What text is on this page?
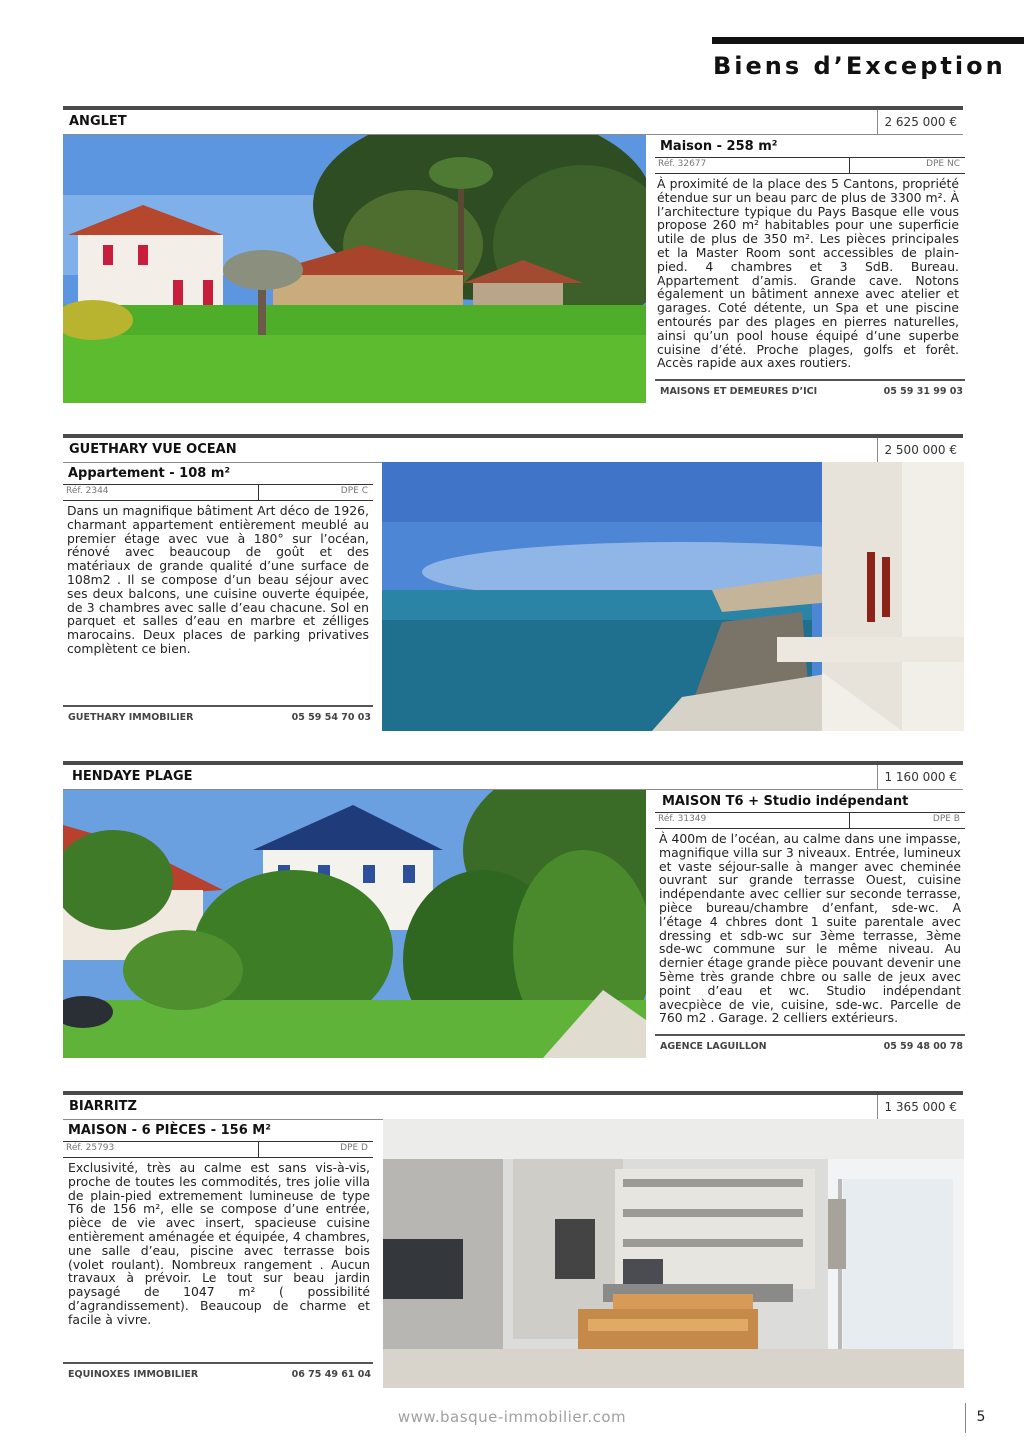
Biens d’Exception
ANGLET	2 625 000 €
Maison - 258 m²
Réf. 32677	DPE NC
À proximité de la place des 5 Cantons, propriété étendue sur un beau parc de plus de 3300 m². À l’architecture typique du Pays Basque elle vous propose 260 m² habitables pour une superficie utile de plus de 350 m². Les pièces principales et la Master Room sont accessibles de plain-pied. 4 chambres et 3 SdB. Bureau. Appartement d’amis. Grande cave. Notons également un bâtiment annexe avec atelier et garages. Coté détente, un Spa et une piscine entourés par des plages en pierres naturelles, ainsi qu’un pool house équipé d’une superbe cuisine d’été. Proche plages, golfs et forêt. Accès rapide aux axes routiers.
MAISONS ET DEMEURES D’ICI	05 59 31 99 03
GUETHARY VUE OCEAN	2 500 000 €
Appartement - 108 m²
Réf. 2344	DPE C
Dans un magnifique bâtiment Art déco de 1926, charmant appartement entièrement meublé au premier étage avec vue à 180° sur l’océan, rénové avec beaucoup de goût et des matériaux de grande qualité d’une surface de 108m2 . Il se compose d’un beau séjour avec ses deux balcons, une cuisine ouverte équipée, de 3 chambres avec salle d’eau chacune. Sol en parquet et salles d’eau en marbre et zélliges marocains. Deux places de parking privatives complètent ce bien.
GUETHARY IMMOBILIER	05 59 54 70 03
HENDAYE PLAGE	1 160 000 €
MAISON T6 + Studio indépendant
Réf. 31349	DPE B
À 400m de l’océan, au calme dans une impasse, magnifique villa sur 3 niveaux. Entrée, lumineux et vaste séjour-salle à manger avec cheminée ouvrant sur grande terrasse Ouest, cuisine indépendante avec cellier sur seconde terrasse, pièce bureau/chambre d’enfant, sde-wc. A l’étage 4 chbres dont 1 suite parentale avec dressing et sdb-wc sur 3ème terrasse, 3ème sde-wc commune sur le même niveau. Au dernier étage grande pièce pouvant devenir une 5ème très grande chbre ou salle de jeux avec point d’eau et wc. Studio indépendant avecpièce de vie, cuisine, sde-wc. Parcelle de 760 m2 . Garage. 2 celliers extérieurs.
AGENCE LAGUILLON	05 59 48 00 78
BIARRITZ	1 365 000 €
MAISON - 6 PIÈCES - 156 M²
Réf. 25793	DPE D
Exclusivité, très au calme est sans vis-à-vis, proche de toutes les commodités, tres jolie villa de plain-pied extremement lumineuse de type T6 de 156 m², elle se compose d’une entrée, pièce de vie avec insert, spacieuse cuisine entièrement aménagée et équipée, 4 chambres, une salle d’eau, piscine avec terrasse bois (volet roulant). Nombreux rangement . Aucun travaux à prévoir. Le tout sur beau jardin paysagé de 1047 m² ( possibilité d’agrandissement). Beaucoup de charme et facile à vivre.
EQUINOXES IMMOBILIER	06 75 49 61 04
www.basque-immobilier.com	5
